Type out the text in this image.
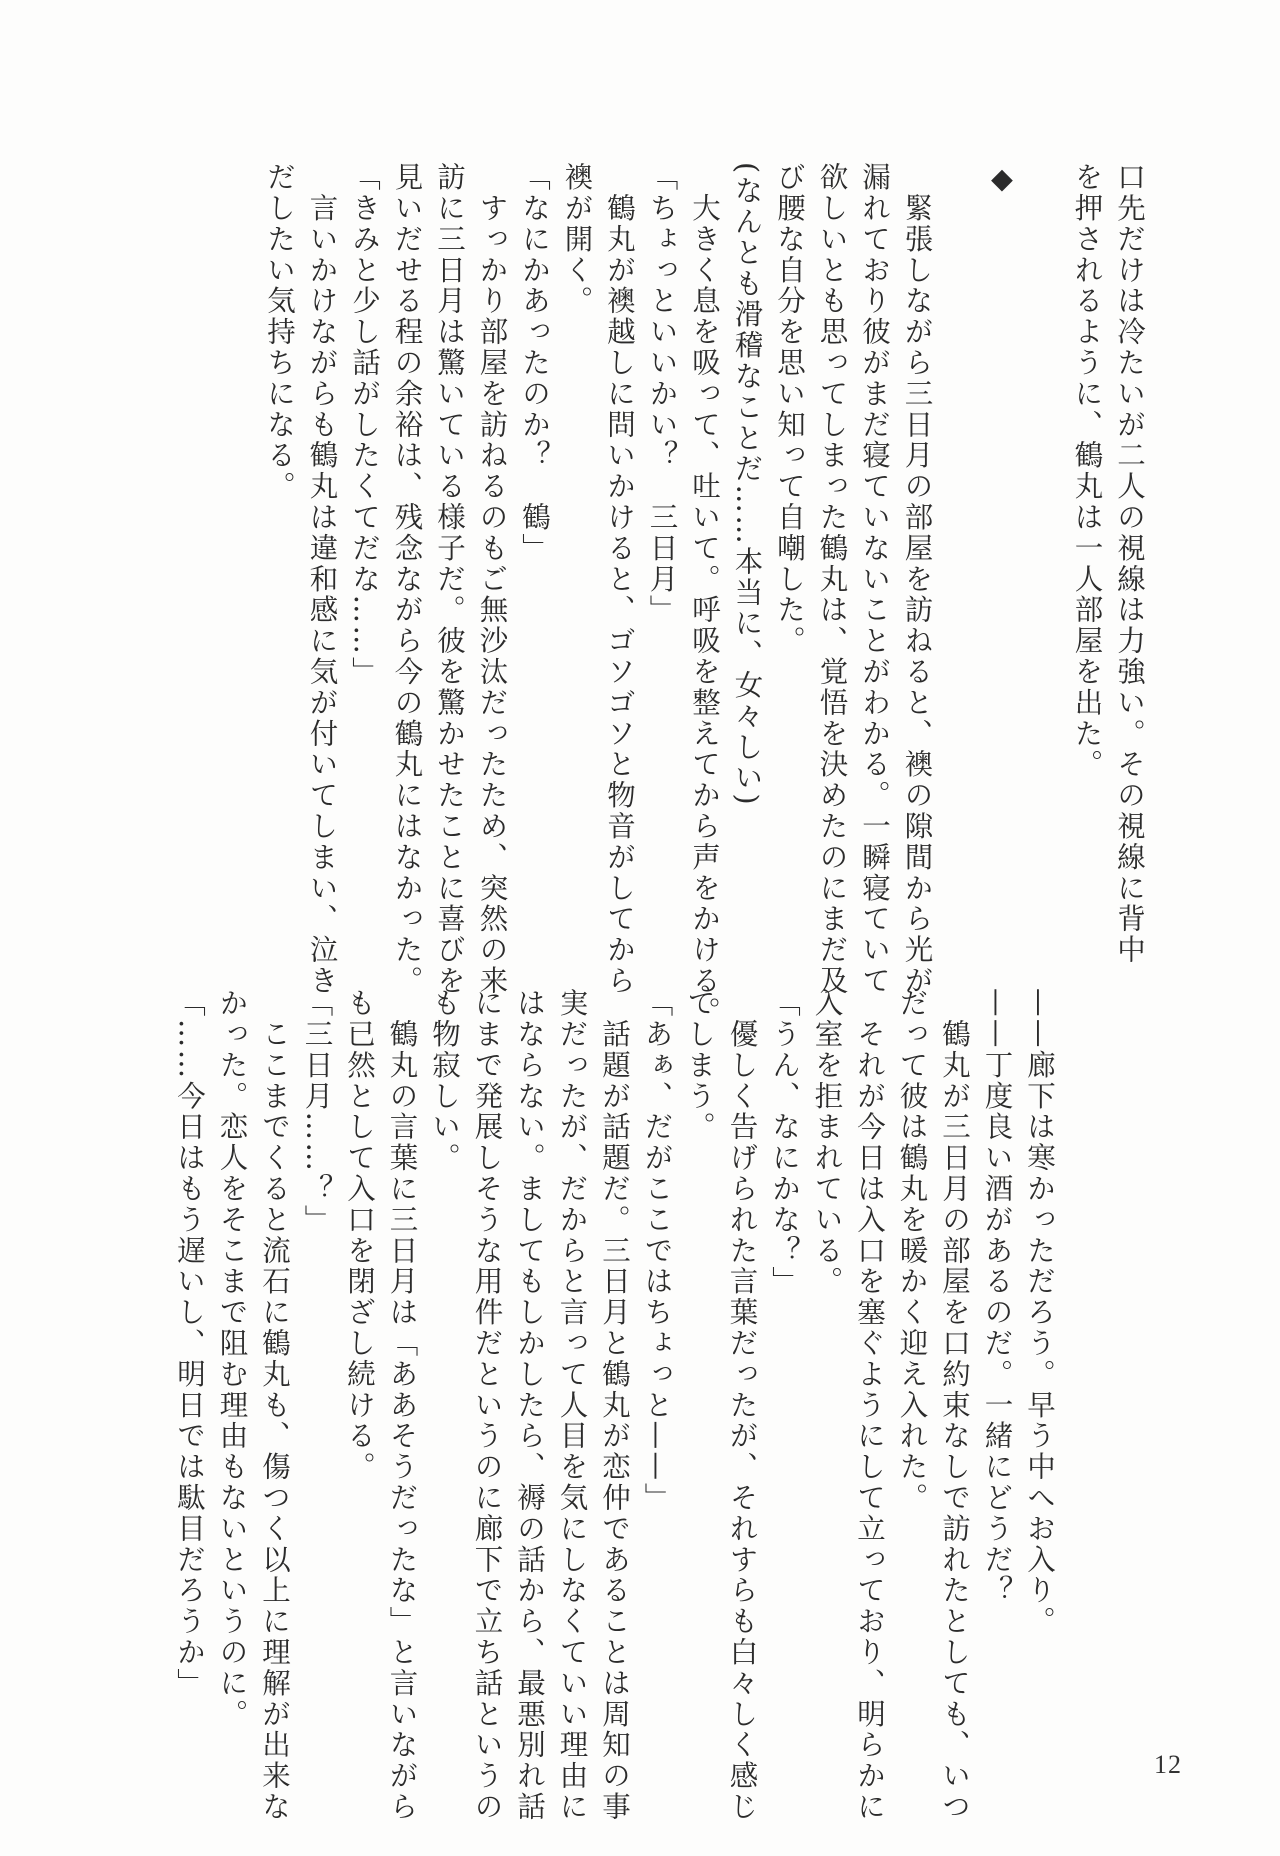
口先だけは冷たいが二人の視線は力強い。その視線に背中
を押されるように、鶴丸は一人部屋を出た。

◆

　緊張しながら三日月の部屋を訪ねると、襖の隙間から光が
漏れており彼がまだ寝ていないことがわかる。一瞬寝ていて
欲しいとも思ってしまった鶴丸は、覚悟を決めたのにまだ及
び腰な自分を思い知って自嘲した。
(なんとも滑稽なことだ……本当に、女々しい)
　大きく息を吸って、吐いて。呼吸を整えてから声をかける。
「ちょっといいかい？　三日月」
　鶴丸が襖越しに問いかけると、ゴソゴソと物音がしてから
襖が開く。
「なにかあったのか？　鶴」
　すっかり部屋を訪ねるのもご無沙汰だったため、突然の来
訪に三日月は驚いている様子だ。彼を驚かせたことに喜びを
見いだせる程の余裕は、残念ながら今の鶴丸にはなかった。
「きみと少し話がしたくてだな……」
　言いかけながらも鶴丸は違和感に気が付いてしまい、泣き
だしたい気持ちになる。
——廊下は寒かっただろう。早う中へお入り。
——丁度良い酒があるのだ。一緒にどうだ？
　鶴丸が三日月の部屋を口約束なしで訪れたとしても、いつ
だって彼は鶴丸を暖かく迎え入れた。
　それが今日は入口を塞ぐようにして立っており、明らかに
入室を拒まれている。
「うん、なにかな？」
　優しく告げられた言葉だったが、それすらも白々しく感じ
てしまう。
「あぁ、だがここではちょっと——」
　話題が話題だ。三日月と鶴丸が恋仲であることは周知の事
実だったが、だからと言って人目を気にしなくていい理由に
はならない。ましてもしかしたら、褥の話から、最悪別れ話
にまで発展しそうな用件だというのに廊下で立ち話というの
も物寂しい。
　鶴丸の言葉に三日月は「ああそうだったな」と言いながら
も已然として入口を閉ざし続ける。
「三日月……？」
　ここまでくると流石に鶴丸も、傷つく以上に理解が出来な
かった。恋人をそこまで阻む理由もないというのに。
「……今日はもう遅いし、明日では駄目だろうか」
12
